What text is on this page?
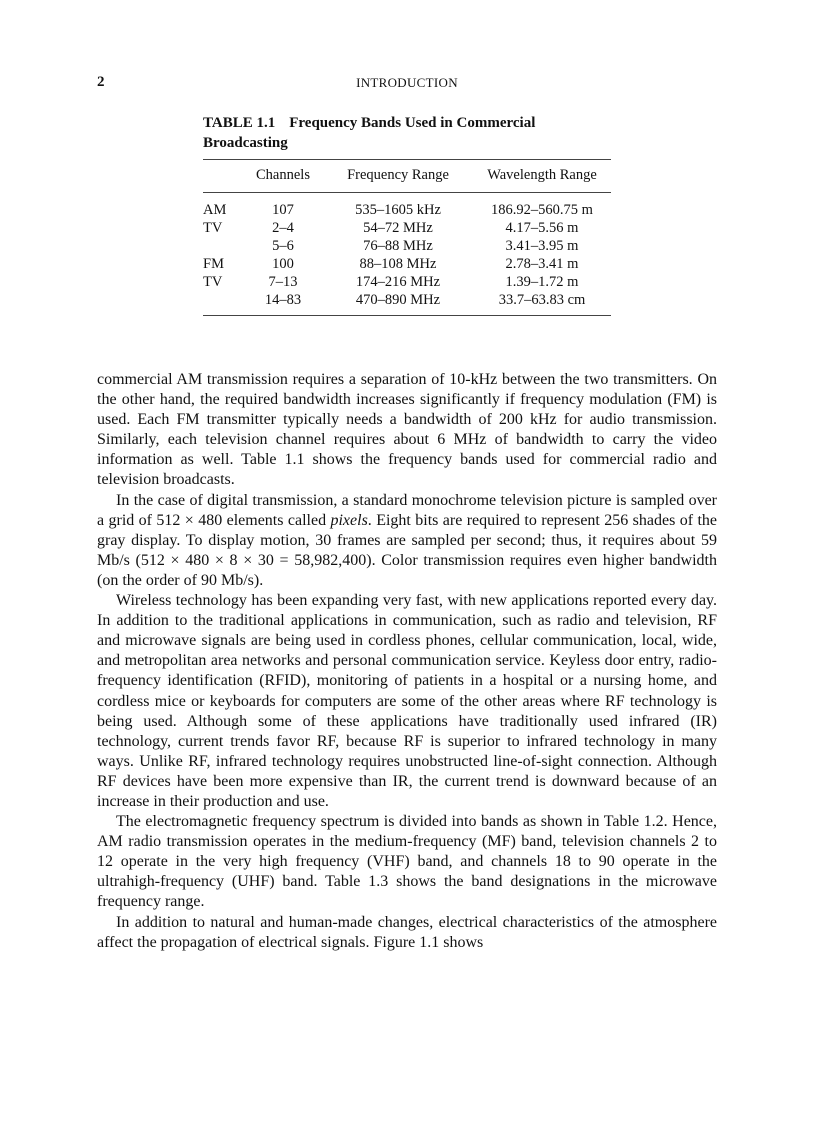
2	INTRODUCTION
TABLE 1.1 Frequency Bands Used in Commercial Broadcasting
	Channels	Frequency Range	Wavelength Range

AM	107	535–1605 kHz	186.92–560.75 m
TV	2–4	54–72 MHz	4.17–5.56 m
	5–6	76–88 MHz	3.41–3.95 m
FM	100	88–108 MHz	2.78–3.41 m
TV	7–13	174–216 MHz	1.39–1.72 m
	14–83	470–890 MHz	33.7–63.83 cm

commercial AM transmission requires a separation of 10-kHz between the two transmitters. On the other hand, the required bandwidth increases significantly if frequency modulation (FM) is used. Each FM transmitter typically needs a bandwidth of 200 kHz for audio transmission. Similarly, each television channel requires about 6 MHz of bandwidth to carry the video information as well. Table 1.1 shows the frequency bands used for commercial radio and television broadcasts.

In the case of digital transmission, a standard monochrome television picture is sampled over a grid of 512 × 480 elements called pixels. Eight bits are required to represent 256 shades of the gray display. To display motion, 30 frames are sampled per second; thus, it requires about 59 Mb/s (512 × 480 × 8 × 30 = 58,982,400). Color transmission requires even higher bandwidth (on the order of 90 Mb/s).

Wireless technology has been expanding very fast, with new applications reported every day. In addition to the traditional applications in communication, such as radio and television, RF and microwave signals are being used in cordless phones, cellular communication, local, wide, and metropolitan area networks and personal communication service. Keyless door entry, radio-frequency identification (RFID), monitoring of patients in a hospital or a nursing home, and cordless mice or keyboards for computers are some of the other areas where RF technology is being used. Although some of these applications have traditionally used infrared (IR) technology, current trends favor RF, because RF is superior to infrared technology in many ways. Unlike RF, infrared technology requires unobstructed line-of-sight connection. Although RF devices have been more expensive than IR, the current trend is downward because of an increase in their production and use.

The electromagnetic frequency spectrum is divided into bands as shown in Table 1.2. Hence, AM radio transmission operates in the medium-frequency (MF) band, television channels 2 to 12 operate in the very high frequency (VHF) band, and channels 18 to 90 operate in the ultrahigh-frequency (UHF) band. Table 1.3 shows the band designations in the microwave frequency range.

In addition to natural and human-made changes, electrical characteristics of the atmosphere affect the propagation of electrical signals. Figure 1.1 shows
